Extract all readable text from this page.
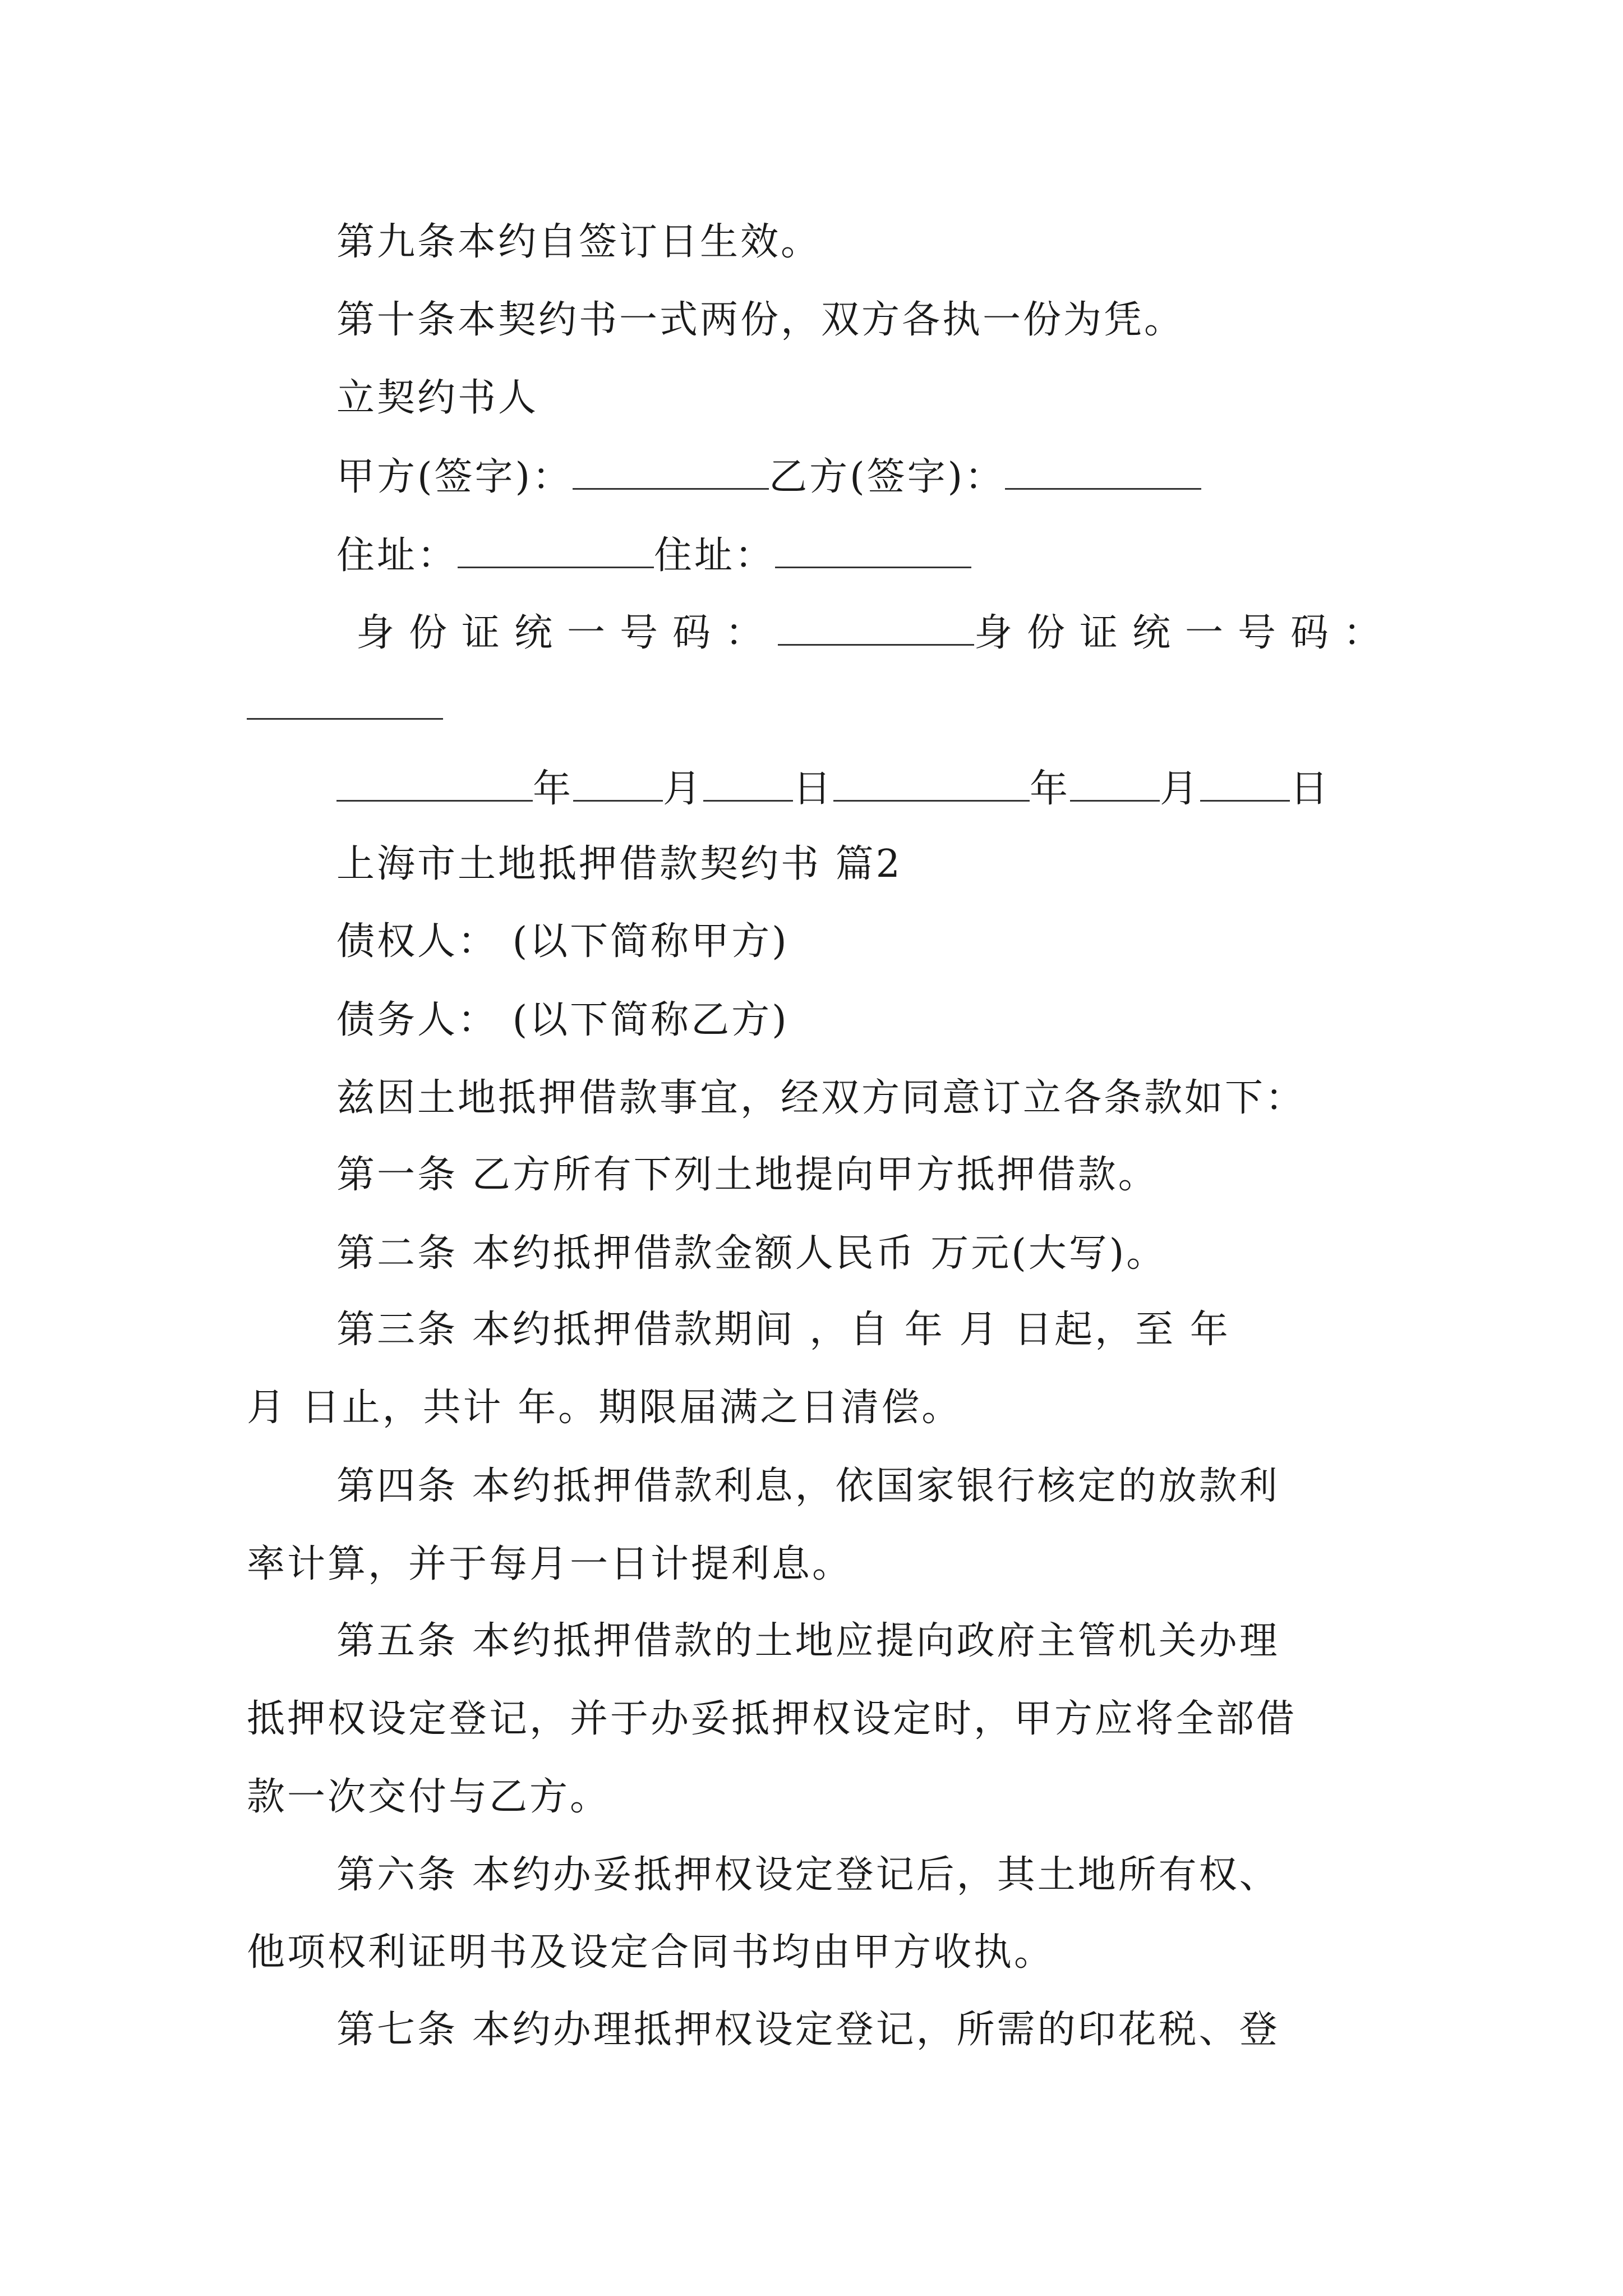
第九条本约自签订日生效。
第十条本契约书一式两份，双方各执一份为凭。
立契约书人
甲方(签字)：	乙方(签字)：
住址：	住址：
身份证统一号码：	身份证统一号码：
年 月 日	年 月 日
上海市土地抵押借款契约书 篇2
债权人： (以下简称甲方)
债务人： (以下简称乙方)
兹因土地抵押借款事宜，经双方同意订立各条款如下：
第一条 乙方所有下列土地提向甲方抵押借款。
第二条 本约抵押借款金额人民币 万元(大写)。
第三条 本约抵押借款期间 ，自 年 月 日起，至 年
月 日止，共计 年。期限届满之日清偿。
第四条 本约抵押借款利息，依国家银行核定的放款利
率计算，并于每月一日计提利息。
第五条 本约抵押借款的土地应提向政府主管机关办理
抵押权设定登记，并于办妥抵押权设定时，甲方应将全部借
款一次交付与乙方。
第六条 本约办妥抵押权设定登记后，其土地所有权、
他项权利证明书及设定合同书均由甲方收执。
第七条 本约办理抵押权设定登记，所需的印花税、登
